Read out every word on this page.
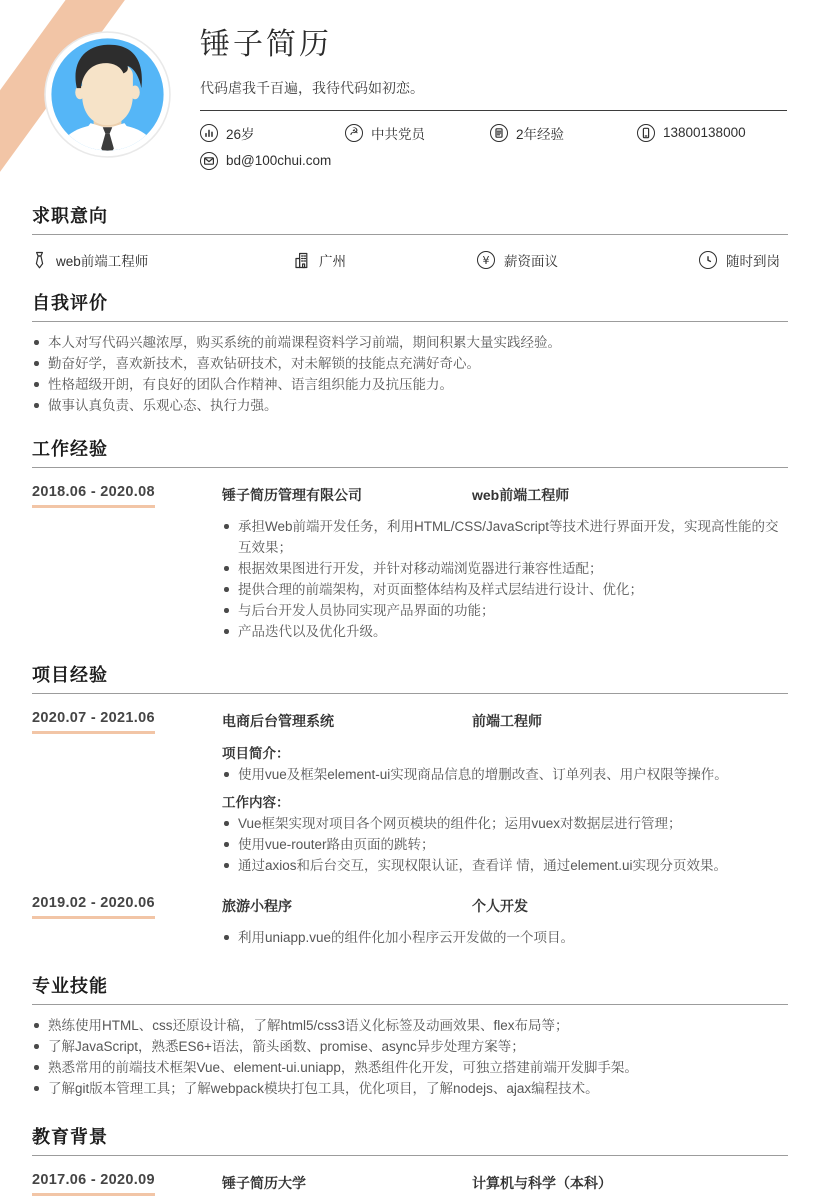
锤子简历
代码虐我千百遍，我待代码如初恋。
26岁	☭ 中共党员	2年经验	13800138000
bd@100chui.com
求职意向
web前端工程师	广州	¥ 薪资面议	随时到岗
自我评价
本人对写代码兴趣浓厚，购买系统的前端课程资料学习前端，期间积累大量实践经验。
勤奋好学，喜欢新技术，喜欢钻研技术，对未解锁的技能点充满好奇心。
性格超级开朗，有良好的团队合作精神、语言组织能力及抗压能力。
做事认真负责、乐观心态、执行力强。
工作经验
2018.06 - 2020.08	锤子简历管理有限公司	web前端工程师
承担Web前端开发任务，利用HTML/CSS/JavaScript等技术进行界面开发，实现高性能的交互效果；
根据效果图进行开发，并针对移动端浏览器进行兼容性适配；
提供合理的前端架构，对页面整体结构及样式层结进行设计、优化；
与后台开发人员协同实现产品界面的功能；
产品迭代以及优化升级。
项目经验
2020.07 - 2021.06	电商后台管理系统	前端工程师
项目简介：
使用vue及框架element-ui实现商品信息的增删改查、订单列表、用户权限等操作。
工作内容：
Vue框架实现对项目各个网页模块的组件化；运用vuex对数据层进行管理；
使用vue-router路由页面的跳转；
通过axios和后台交互，实现权限认证，查看详 情，通过element.ui实现分页效果。
2019.02 - 2020.06	旅游小程序	个人开发
利用uniapp.vue的组件化加小程序云开发做的一个项目。
专业技能
熟练使用HTML、css还原设计稿，了解html5/css3语义化标签及动画效果、flex布局等；
了解JavaScript，熟悉ES6+语法，箭头函数、promise、async异步处理方案等；
熟悉常用的前端技术框架Vue、element-ui.uniapp，熟悉组件化开发，可独立搭建前端开发脚手架。
了解git版本管理工具；了解webpack模块打包工具，优化项目，了解nodejs、ajax编程技术。
教育背景
2017.06 - 2020.09	锤子简历大学	计算机与科学（本科）
